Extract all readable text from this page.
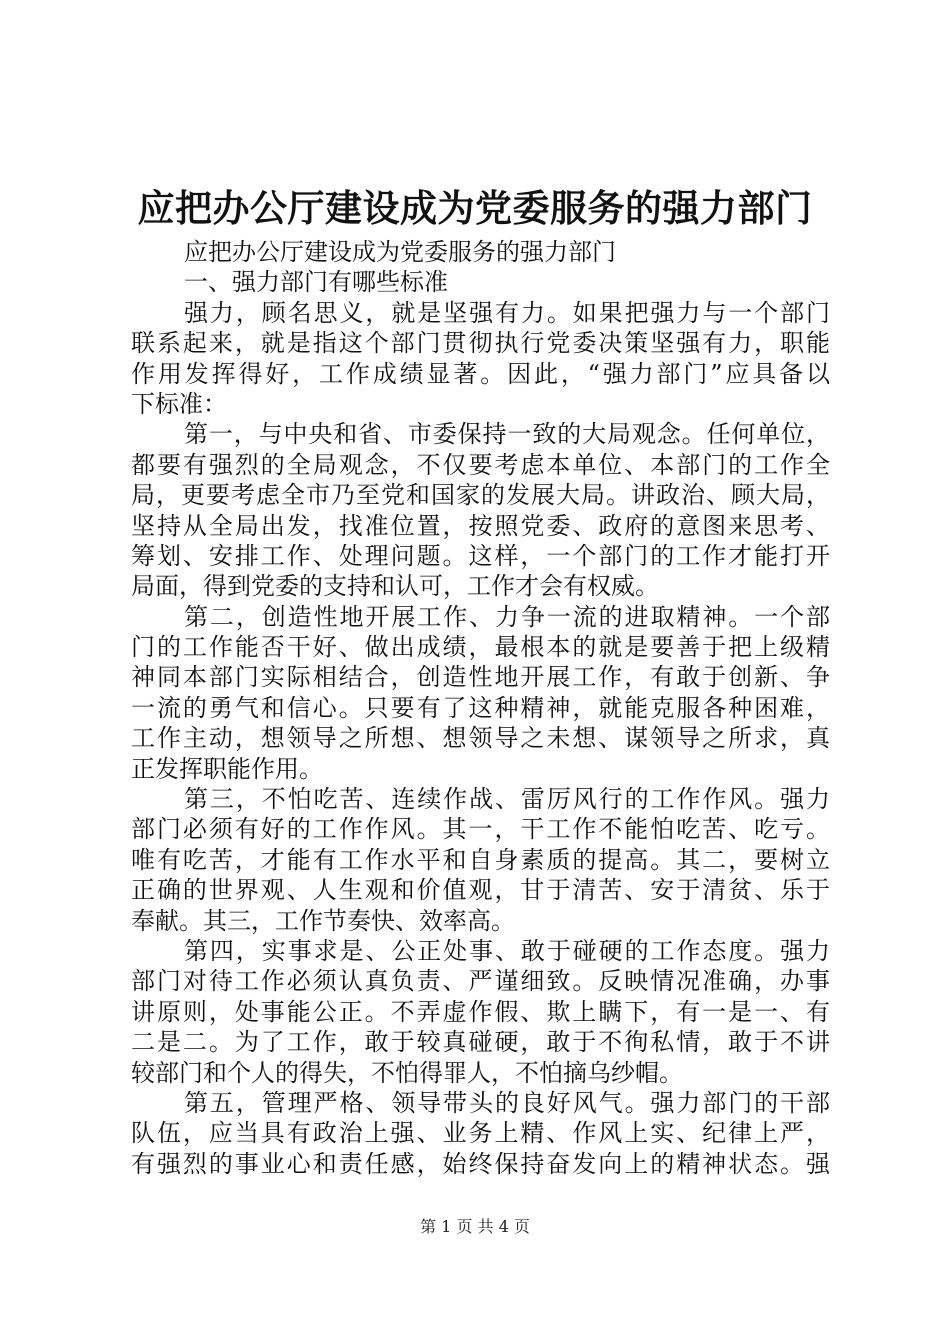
应把办公厅建设成为党委服务的强力部门
应把办公厅建设成为党委服务的强力部门
一、强力部门有哪些标准
强力，顾名思义，就是坚强有力。如果把强力与一个部门
联系起来，就是指这个部门贯彻执行党委决策坚强有力，职能
作用发挥得好，工作成绩显著。因此，“强力部门”应具备以
下标准：
第一，与中央和省、市委保持一致的大局观念。任何单位，
都要有强烈的全局观念，不仅要考虑本单位、本部门的工作全
局，更要考虑全市乃至党和国家的发展大局。讲政治、顾大局，
坚持从全局出发，找准位置，按照党委、政府的意图来思考、
筹划、安排工作、处理问题。这样，一个部门的工作才能打开
局面，得到党委的支持和认可，工作才会有权威。
第二，创造性地开展工作、力争一流的进取精神。一个部
门的工作能否干好、做出成绩，最根本的就是要善于把上级精
神同本部门实际相结合，创造性地开展工作，有敢于创新、争
一流的勇气和信心。只要有了这种精神，就能克服各种困难，
工作主动，想领导之所想、想领导之未想、谋领导之所求，真
正发挥职能作用。
第三，不怕吃苦、连续作战、雷厉风行的工作作风。强力
部门必须有好的工作作风。其一，干工作不能怕吃苦、吃亏。
唯有吃苦，才能有工作水平和自身素质的提高。其二，要树立
正确的世界观、人生观和价值观，甘于清苦、安于清贫、乐于
奉献。其三，工作节奏快、效率高。
第四，实事求是、公正处事、敢于碰硬的工作态度。强力
部门对待工作必须认真负责、严谨细致。反映情况准确，办事
讲原则，处事能公正。不弄虚作假、欺上瞒下，有一是一、有
二是二。为了工作，敢于较真碰硬，敢于不徇私情，敢于不讲
较部门和个人的得失，不怕得罪人，不怕摘乌纱帽。
第五，管理严格、领导带头的良好风气。强力部门的干部
队伍，应当具有政治上强、业务上精、作风上实、纪律上严，
有强烈的事业心和责任感，始终保持奋发向上的精神状态。强
第 1 页 共 4 页
